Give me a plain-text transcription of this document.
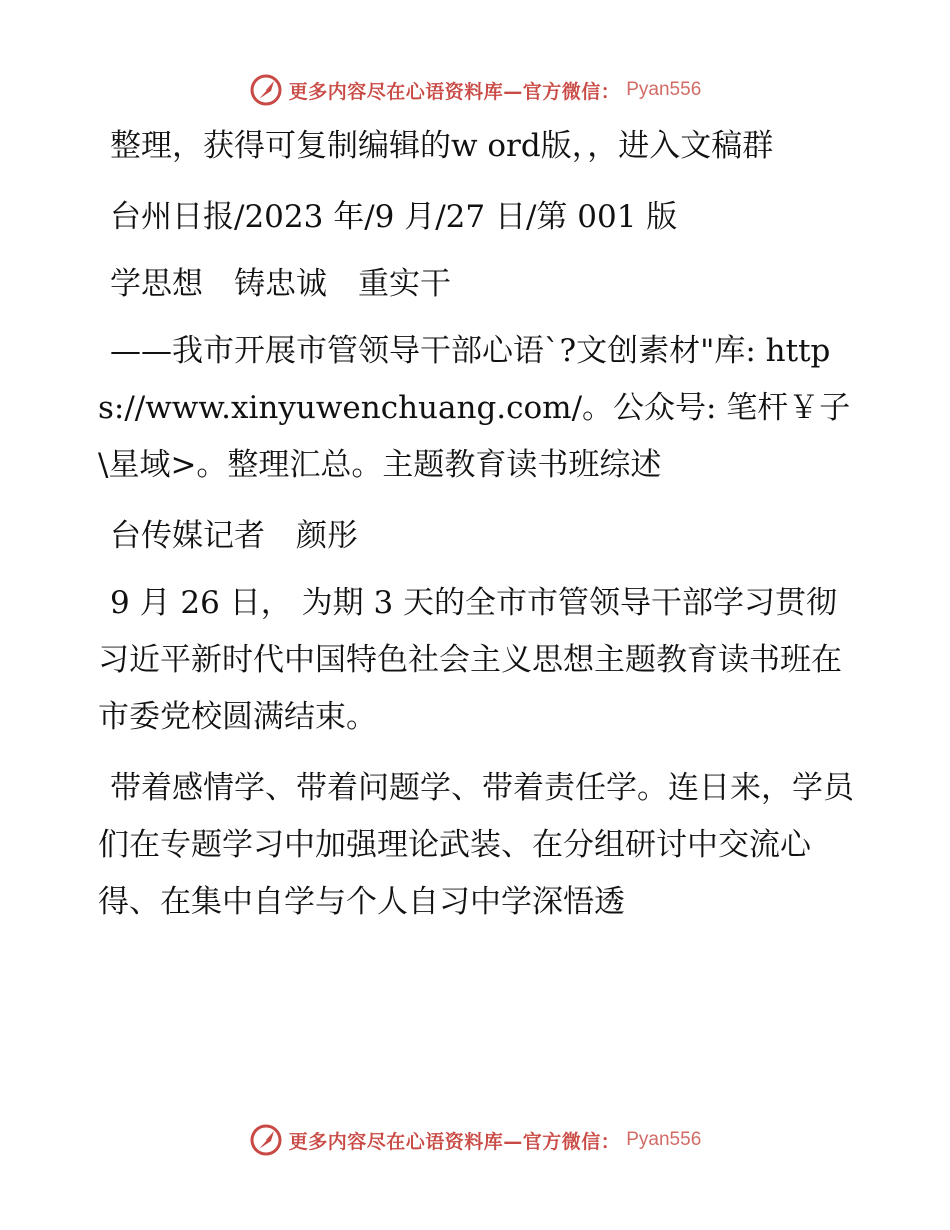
更多内容尽在心语资料库—官方微信： Pyan556

整理，获得可复制编辑的w ord版，，进入文稿群

台州日报/2023 年/9 月/27 日/第 001 版

学思想　铸忠诚　重实干

——我市开展市管领导干部心语`?文创素材"库: https://www.xinyuwenchuang.com/。公众号: 笔杆￥子\星域>。整理汇总。主题教育读书班综述

台传媒记者　颜彤

9 月 26 日， 为期 3 天的全市市管领导干部学习贯彻习近平新时代中国特色社会主义思想主题教育读书班在市委党校圆满结束。

带着感情学、带着问题学、带着责任学。连日来，学员们在专题学习中加强理论武装、在分组研讨中交流心得、在集中自学与个人自习中学深悟透

更多内容尽在心语资料库—官方微信： Pyan556
